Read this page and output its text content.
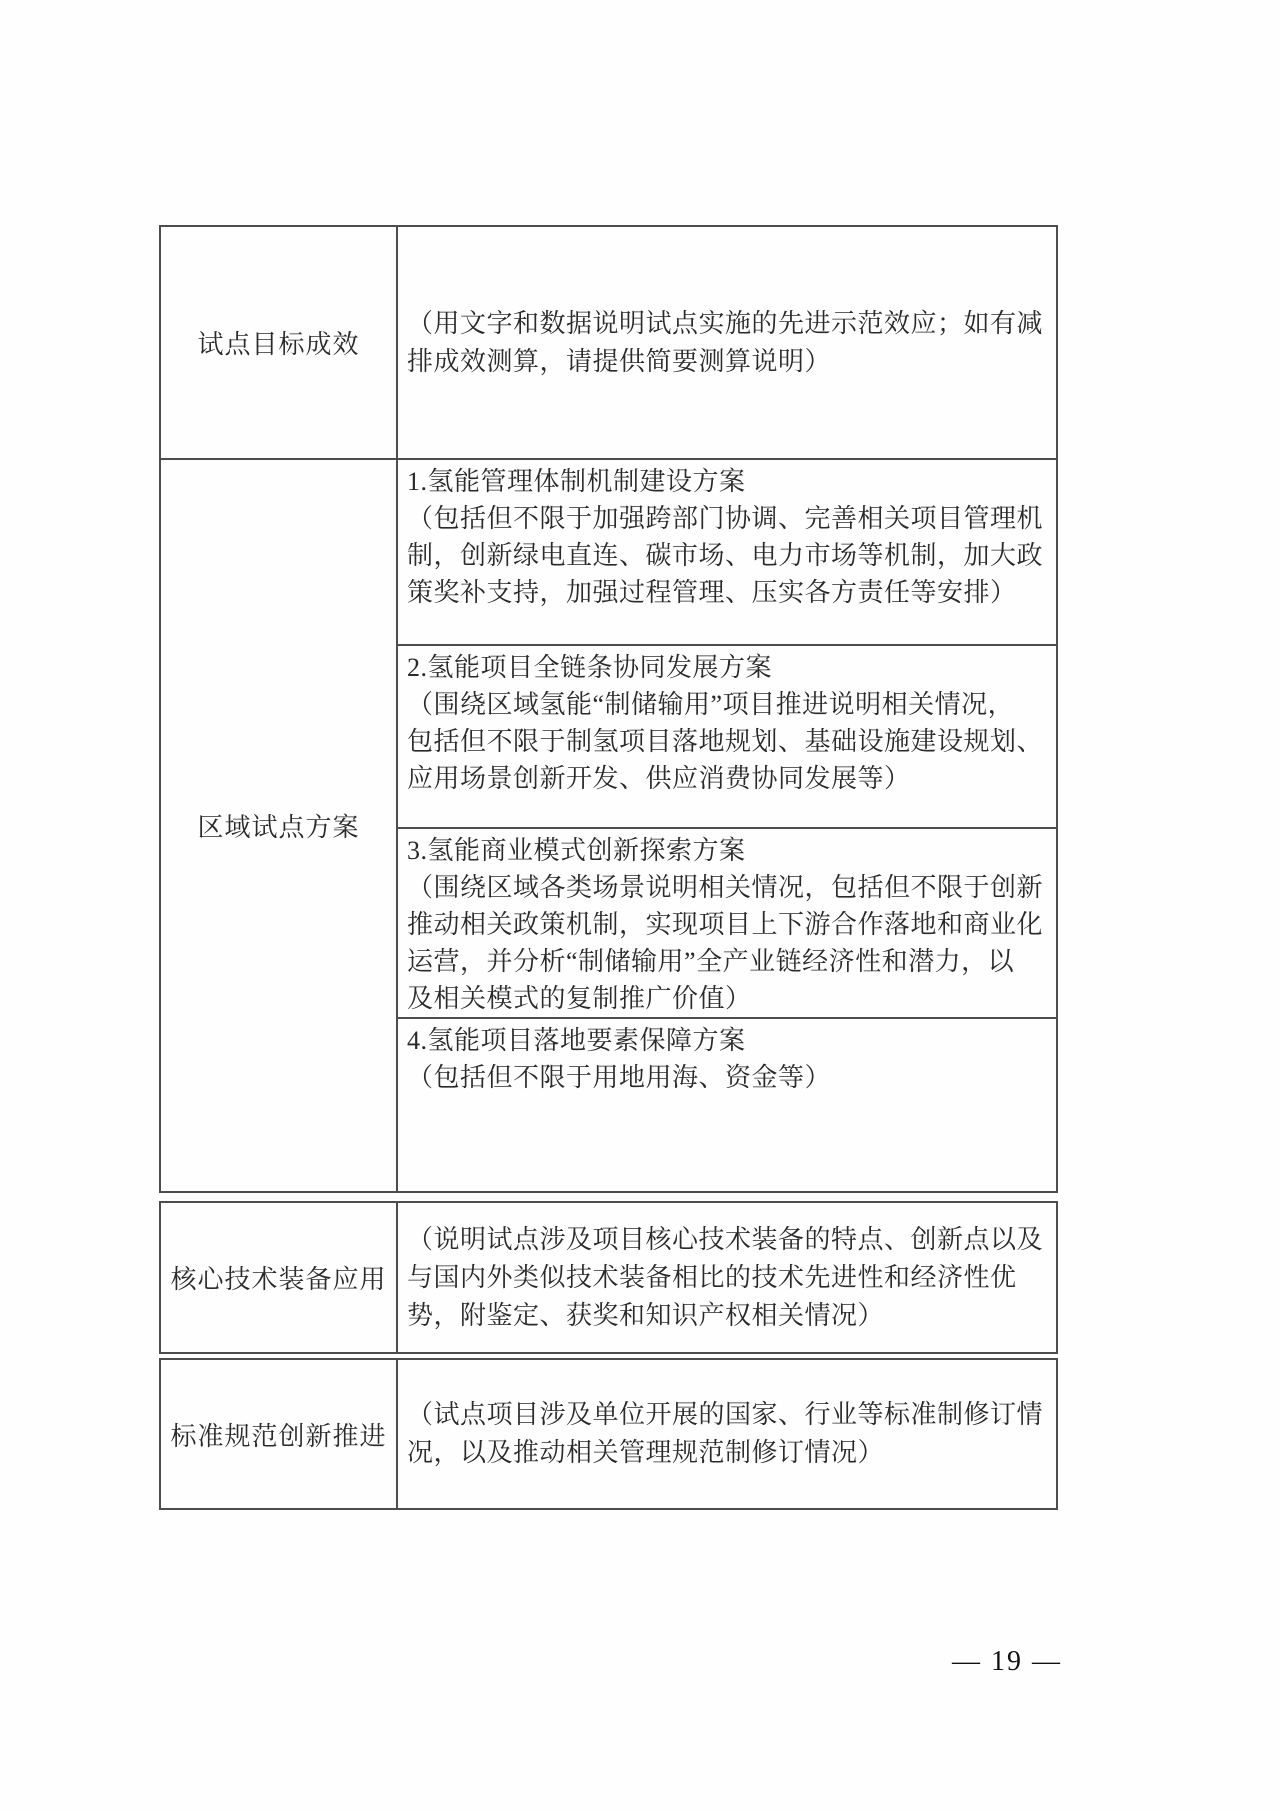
试点目标成效
（用文字和数据说明试点实施的先进示范效应；如有减
排成效测算，请提供简要测算说明）
区域试点方案
1.氢能管理体制机制建设方案
（包括但不限于加强跨部门协调、完善相关项目管理机
制，创新绿电直连、碳市场、电力市场等机制，加大政
策奖补支持，加强过程管理、压实各方责任等安排）
2.氢能项目全链条协同发展方案
（围绕区域氢能“制储输用”项目推进说明相关情况，
包括但不限于制氢项目落地规划、基础设施建设规划、
应用场景创新开发、供应消费协同发展等）
3.氢能商业模式创新探索方案
（围绕区域各类场景说明相关情况，包括但不限于创新
推动相关政策机制，实现项目上下游合作落地和商业化
运营，并分析“制储输用”全产业链经济性和潜力，以
及相关模式的复制推广价值）
4.氢能项目落地要素保障方案
（包括但不限于用地用海、资金等）
核心技术装备应用
（说明试点涉及项目核心技术装备的特点、创新点以及
与国内外类似技术装备相比的技术先进性和经济性优
势，附鉴定、获奖和知识产权相关情况）
标准规范创新推进
（试点项目涉及单位开展的国家、行业等标准制修订情
况，以及推动相关管理规范制修订情况）
— 19 —
